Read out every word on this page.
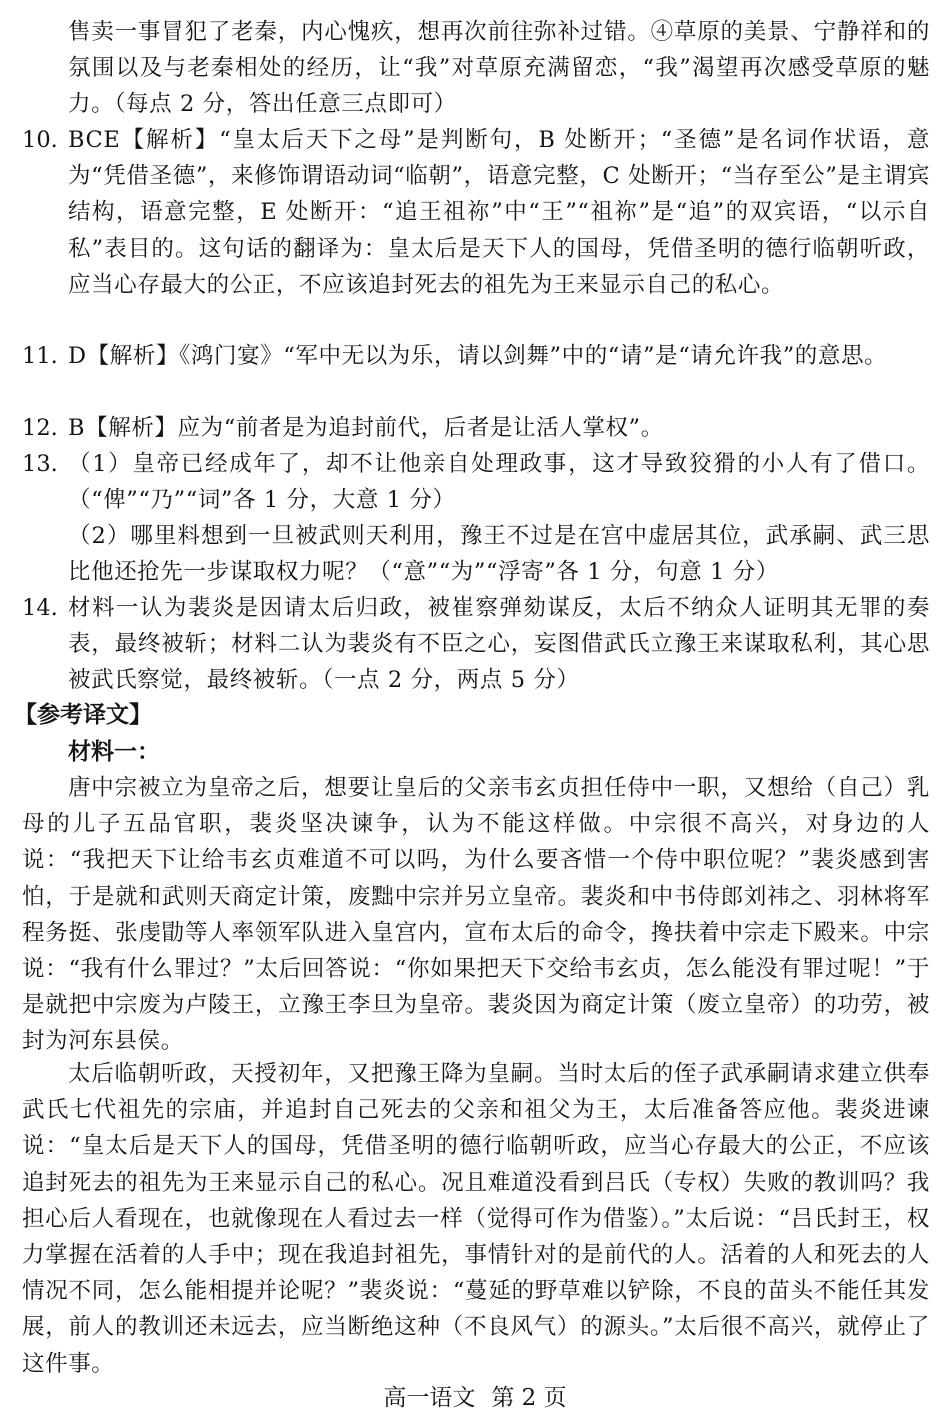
售卖一事冒犯了老秦，内心愧疚，想再次前往弥补过错。④草原的美景、宁静祥和的氛围以及与老秦相处的经历，让“我”对草原充满留恋，“我”渴望再次感受草原的魅力。（每点 2 分，答出任意三点即可）

10. BCE【解析】“皇太后天下之母”是判断句，B 处断开；“圣德”是名词作状语，意为“凭借圣德”，来修饰谓语动词“临朝”，语意完整，C 处断开；“当存至公”是主谓宾结构，语意完整，E 处断开：“追王祖祢”中“王”“祖祢”是“追”的双宾语，“以示自私”表目的。这句话的翻译为：皇太后是天下人的国母，凭借圣明的德行临朝听政，应当心存最大的公正，不应该追封死去的祖先为王来显示自己的私心。

11. D【解析】《鸿门宴》“军中无以为乐，请以剑舞”中的“请”是“请允许我”的意思。

12. B【解析】应为“前者是为追封前代，后者是让活人掌权”。

13. （1）皇帝已经成年了，却不让他亲自处理政事，这才导致狡猾的小人有了借口。（“俾”“乃”“词”各 1 分，大意 1 分）

（2）哪里料想到一旦被武则天利用，豫王不过是在宫中虚居其位，武承嗣、武三思比他还抢先一步谋取权力呢？（“意”“为”“浮寄”各 1 分，句意 1 分）

14. 材料一认为裴炎是因请太后归政，被崔察弹劾谋反，太后不纳众人证明其无罪的奏表，最终被斩；材料二认为裴炎有不臣之心，妄图借武氏立豫王来谋取私利，其心思被武氏察觉，最终被斩。（一点 2 分，两点 5 分）

【参考译文】

材料一：

唐中宗被立为皇帝之后，想要让皇后的父亲韦玄贞担任侍中一职，又想给（自己）乳母的儿子五品官职，裴炎坚决谏争，认为不能这样做。中宗很不高兴，对身边的人说：“我把天下让给韦玄贞难道不可以吗，为什么要吝惜一个侍中职位呢？”裴炎感到害怕，于是就和武则天商定计策，废黜中宗并另立皇帝。裴炎和中书侍郎刘祎之、羽林将军程务挺、张虔勖等人率领军队进入皇宫内，宣布太后的命令，搀扶着中宗走下殿来。中宗说：“我有什么罪过？”太后回答说：“你如果把天下交给韦玄贞，怎么能没有罪过呢！”于是就把中宗废为卢陵王，立豫王李旦为皇帝。裴炎因为商定计策（废立皇帝）的功劳，被封为河东县侯。

太后临朝听政，天授初年，又把豫王降为皇嗣。当时太后的侄子武承嗣请求建立供奉武氏七代祖先的宗庙，并追封自己死去的父亲和祖父为王，太后准备答应他。裴炎进谏说：“皇太后是天下人的国母，凭借圣明的德行临朝听政，应当心存最大的公正，不应该追封死去的祖先为王来显示自己的私心。况且难道没看到吕氏（专权）失败的教训吗？我担心后人看现在，也就像现在人看过去一样（觉得可作为借鉴）。”太后说：“吕氏封王，权力掌握在活着的人手中；现在我追封祖先，事情针对的是前代的人。活着的人和死去的人情况不同，怎么能相提并论呢？”裴炎说：“蔓延的野草难以铲除，不良的苗头不能任其发展，前人的教训还未远去，应当断绝这种（不良风气）的源头。”太后很不高兴，就停止了这件事。

高一语文 第 2 页
